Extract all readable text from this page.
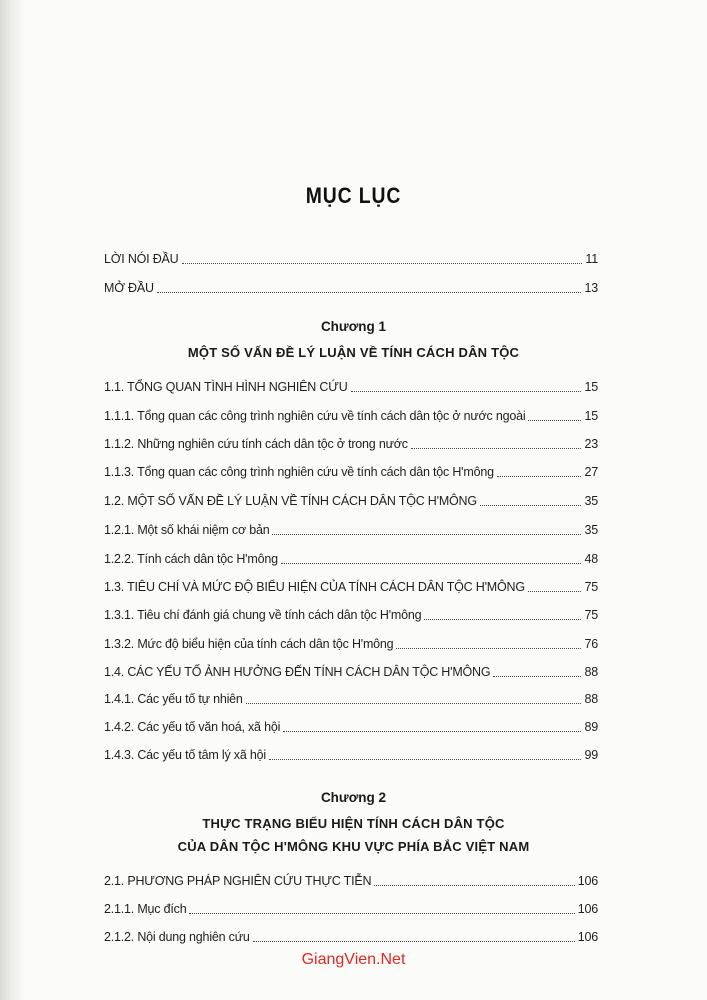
MỤC LỤC
LỜI NÓI ĐẦU	11
MỞ ĐẦU	13
Chương 1
MỘT SỐ VẤN ĐỀ LÝ LUẬN VỀ TÍNH CÁCH DÂN TỘC
1.1. TỔNG QUAN TÌNH HÌNH NGHIÊN CỨU	15
1.1.1. Tổng quan các công trình nghiên cứu về tính cách dân tộc ở nước ngoài	15
1.1.2. Những nghiên cứu tính cách dân tộc ở trong nước	23
1.1.3. Tổng quan các công trình nghiên cứu về tính cách dân tộc H'mông	27
1.2. MỘT SỐ VẤN ĐỀ LÝ LUẬN VỀ TÍNH CÁCH DÂN TỘC H'MÔNG	35
1.2.1. Một số khái niệm cơ bản	35
1.2.2. Tính cách dân tộc H'mông	48
1.3. TIÊU CHÍ VÀ MỨC ĐỘ BIỂU HIỆN CỦA TÍNH CÁCH DÂN TỘC H'MÔNG	75
1.3.1. Tiêu chí đánh giá chung về tính cách dân tộc H'mông	75
1.3.2. Mức độ biểu hiện của tính cách dân tộc H'mông	76
1.4. CÁC YẾU TỐ ẢNH HƯỞNG ĐẾN TÍNH CÁCH DÂN TỘC H'MÔNG	88
1.4.1. Các yếu tố tự nhiên	88
1.4.2. Các yếu tố văn hoá, xã hội	89
1.4.3. Các yếu tố tâm lý xã hội	99
Chương 2
THỰC TRẠNG BIỂU HIỆN TÍNH CÁCH DÂN TỘC
CỦA DÂN TỘC H'MÔNG KHU VỰC PHÍA BẮC VIỆT NAM
2.1. PHƯƠNG PHÁP NGHIÊN CỨU THỰC TIỄN	106
2.1.1. Mục đích	106
2.1.2. Nội dung nghiên cứu	106
GiangVien.Net
